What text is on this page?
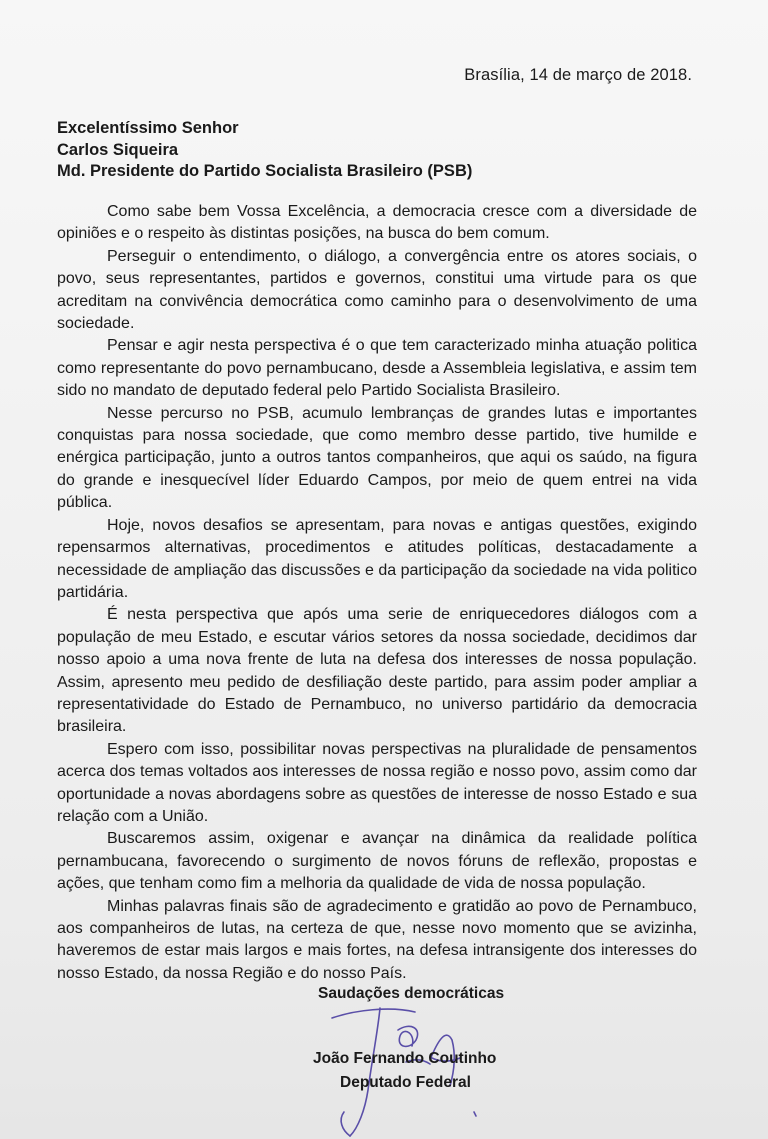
Brasília, 14 de março de 2018.
Excelentíssimo Senhor
Carlos Siqueira
Md. Presidente do Partido Socialista Brasileiro (PSB)

Como sabe bem Vossa Excelência, a democracia cresce com a diversidade de opiniões e o respeito às distintas posições, na busca do bem comum.

Perseguir o entendimento, o diálogo, a convergência entre os atores sociais, o povo, seus representantes, partidos e governos, constitui uma virtude para os que acreditam na convivência democrática como caminho para o desenvolvimento de uma sociedade.

Pensar e agir nesta perspectiva é o que tem caracterizado minha atuação politica como representante do povo pernambucano, desde a Assembleia legislativa, e assim tem sido no mandato de deputado federal pelo Partido Socialista Brasileiro.

Nesse percurso no PSB, acumulo lembranças de grandes lutas e importantes conquistas para nossa sociedade, que como membro desse partido, tive humilde e enérgica participação, junto a outros tantos companheiros, que aqui os saúdo, na figura do grande e inesquecível líder Eduardo Campos, por meio de quem entrei na vida pública.

Hoje, novos desafios se apresentam, para novas e antigas questões, exigindo repensarmos alternativas, procedimentos e atitudes políticas, destacadamente a necessidade de ampliação das discussões e da participação da sociedade na vida politico partidária.

É nesta perspectiva que após uma serie de enriquecedores diálogos com a população de meu Estado, e escutar vários setores da nossa sociedade, decidimos dar nosso apoio a uma nova frente de luta na defesa dos interesses de nossa população. Assim, apresento meu pedido de desfiliação deste partido, para assim poder ampliar a representatividade do Estado de Pernambuco, no universo partidário da democracia brasileira.

Espero com isso, possibilitar novas perspectivas na pluralidade de pensamentos acerca dos temas voltados aos interesses de nossa região e nosso povo, assim como dar oportunidade a novas abordagens sobre as questões de interesse de nosso Estado e sua relação com a União.

Buscaremos assim, oxigenar e avançar na dinâmica da realidade política pernambucana, favorecendo o surgimento de novos fóruns de reflexão, propostas e ações, que tenham como fim a melhoria da qualidade de vida de nossa população.

Minhas palavras finais são de agradecimento e gratidão ao povo de Pernambuco, aos companheiros de lutas, na certeza de que, nesse novo momento que se avizinha, haveremos de estar mais largos e mais fortes, na defesa intransigente dos interesses do nosso Estado, da nossa Região e do nosso País.

Saudações democráticas
João Fernando Coutinho
Deputado Federal
